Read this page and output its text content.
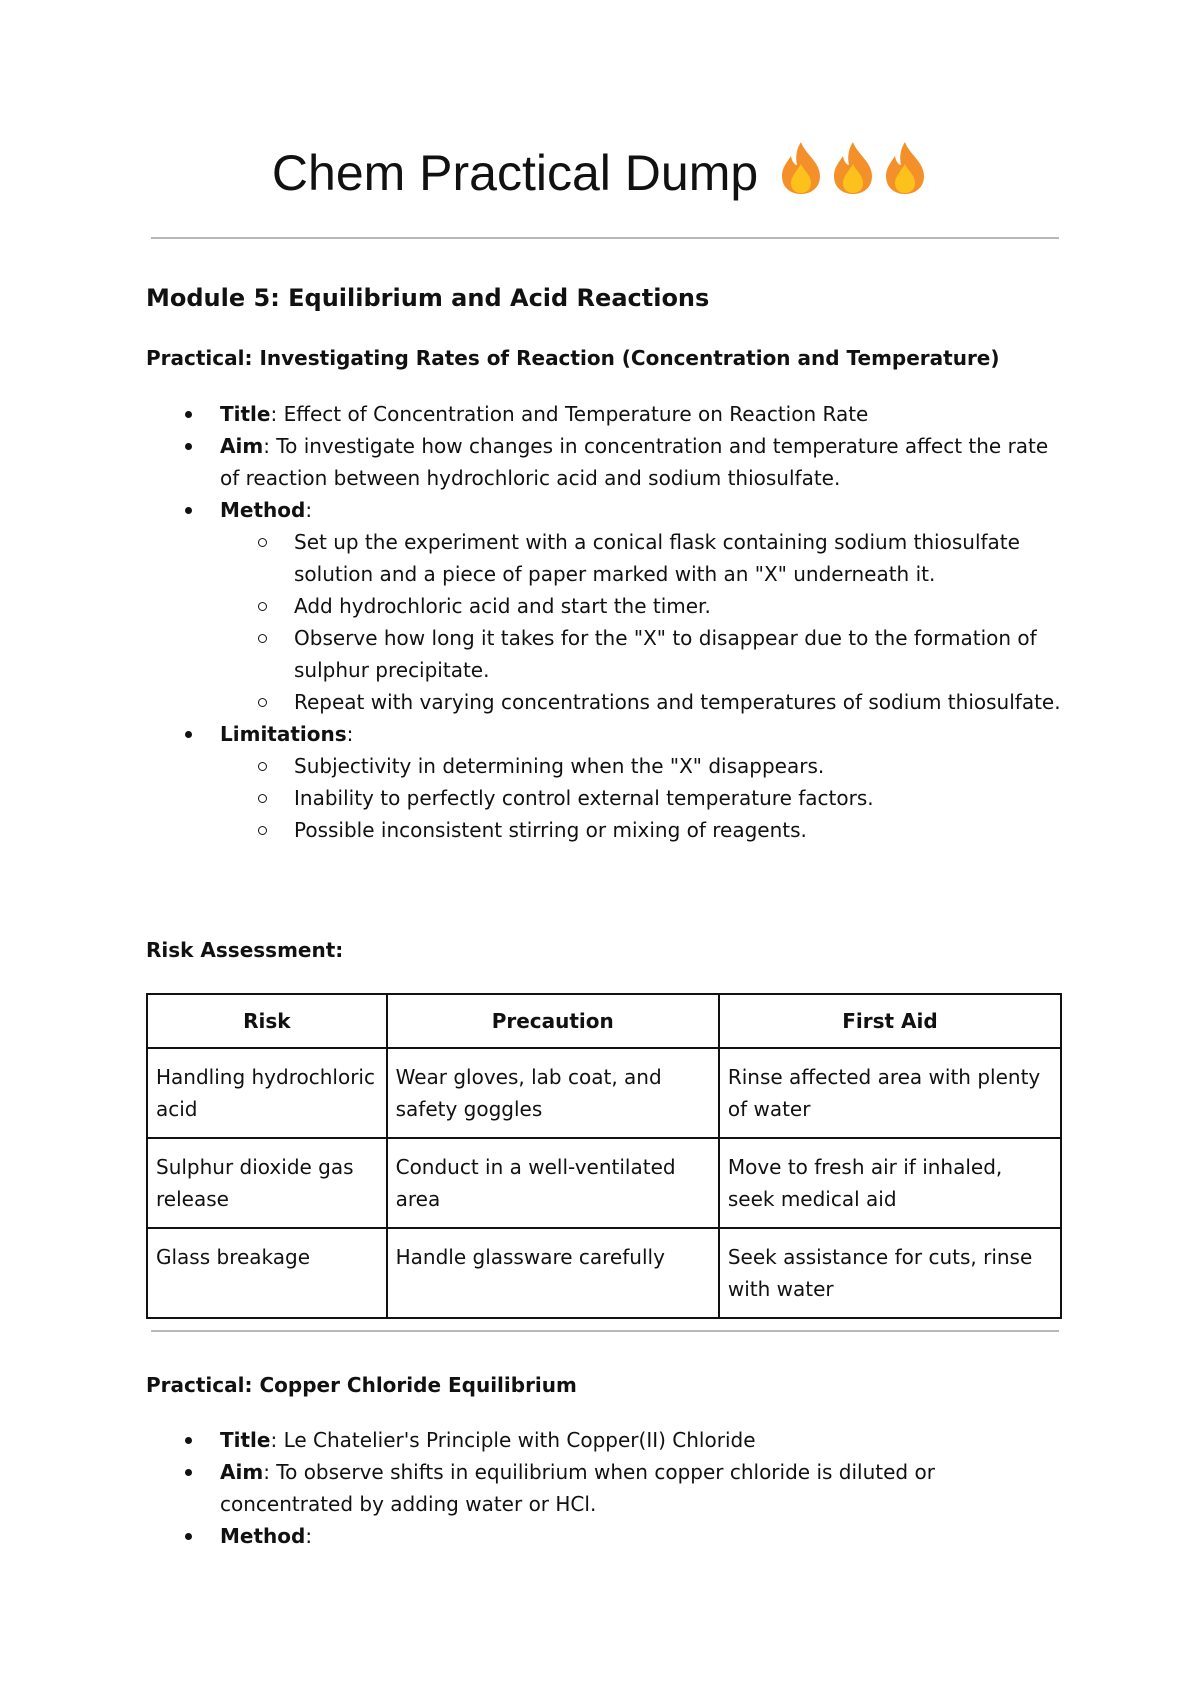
Chem Practical Dump
Module 5: Equilibrium and Acid Reactions

Practical: Investigating Rates of Reaction (Concentration and Temperature)

Title: Effect of Concentration and Temperature on Reaction Rate
Aim: To investigate how changes in concentration and temperature affect the rate of reaction between hydrochloric acid and sodium thiosulfate.
Method:
Set up the experiment with a conical flask containing sodium thiosulfate solution and a piece of paper marked with an "X" underneath it.
Add hydrochloric acid and start the timer.
Observe how long it takes for the "X" to disappear due to the formation of sulphur precipitate.
Repeat with varying concentrations and temperatures of sodium thiosulfate.
Limitations:
Subjectivity in determining when the "X" disappears.
Inability to perfectly control external temperature factors.
Possible inconsistent stirring or mixing of reagents.

Risk Assessment:

Risk	Precaution	First Aid
Handling hydrochloric acid	Wear gloves, lab coat, and safety goggles	Rinse affected area with plenty of water
Sulphur dioxide gas release	Conduct in a well-ventilated area	Move to fresh air if inhaled, seek medical aid
Glass breakage	Handle glassware carefully	Seek assistance for cuts, rinse with water

Practical: Copper Chloride Equilibrium

Title: Le Chatelier's Principle with Copper(II) Chloride
Aim: To observe shifts in equilibrium when copper chloride is diluted or concentrated by adding water or HCl.
Method:
